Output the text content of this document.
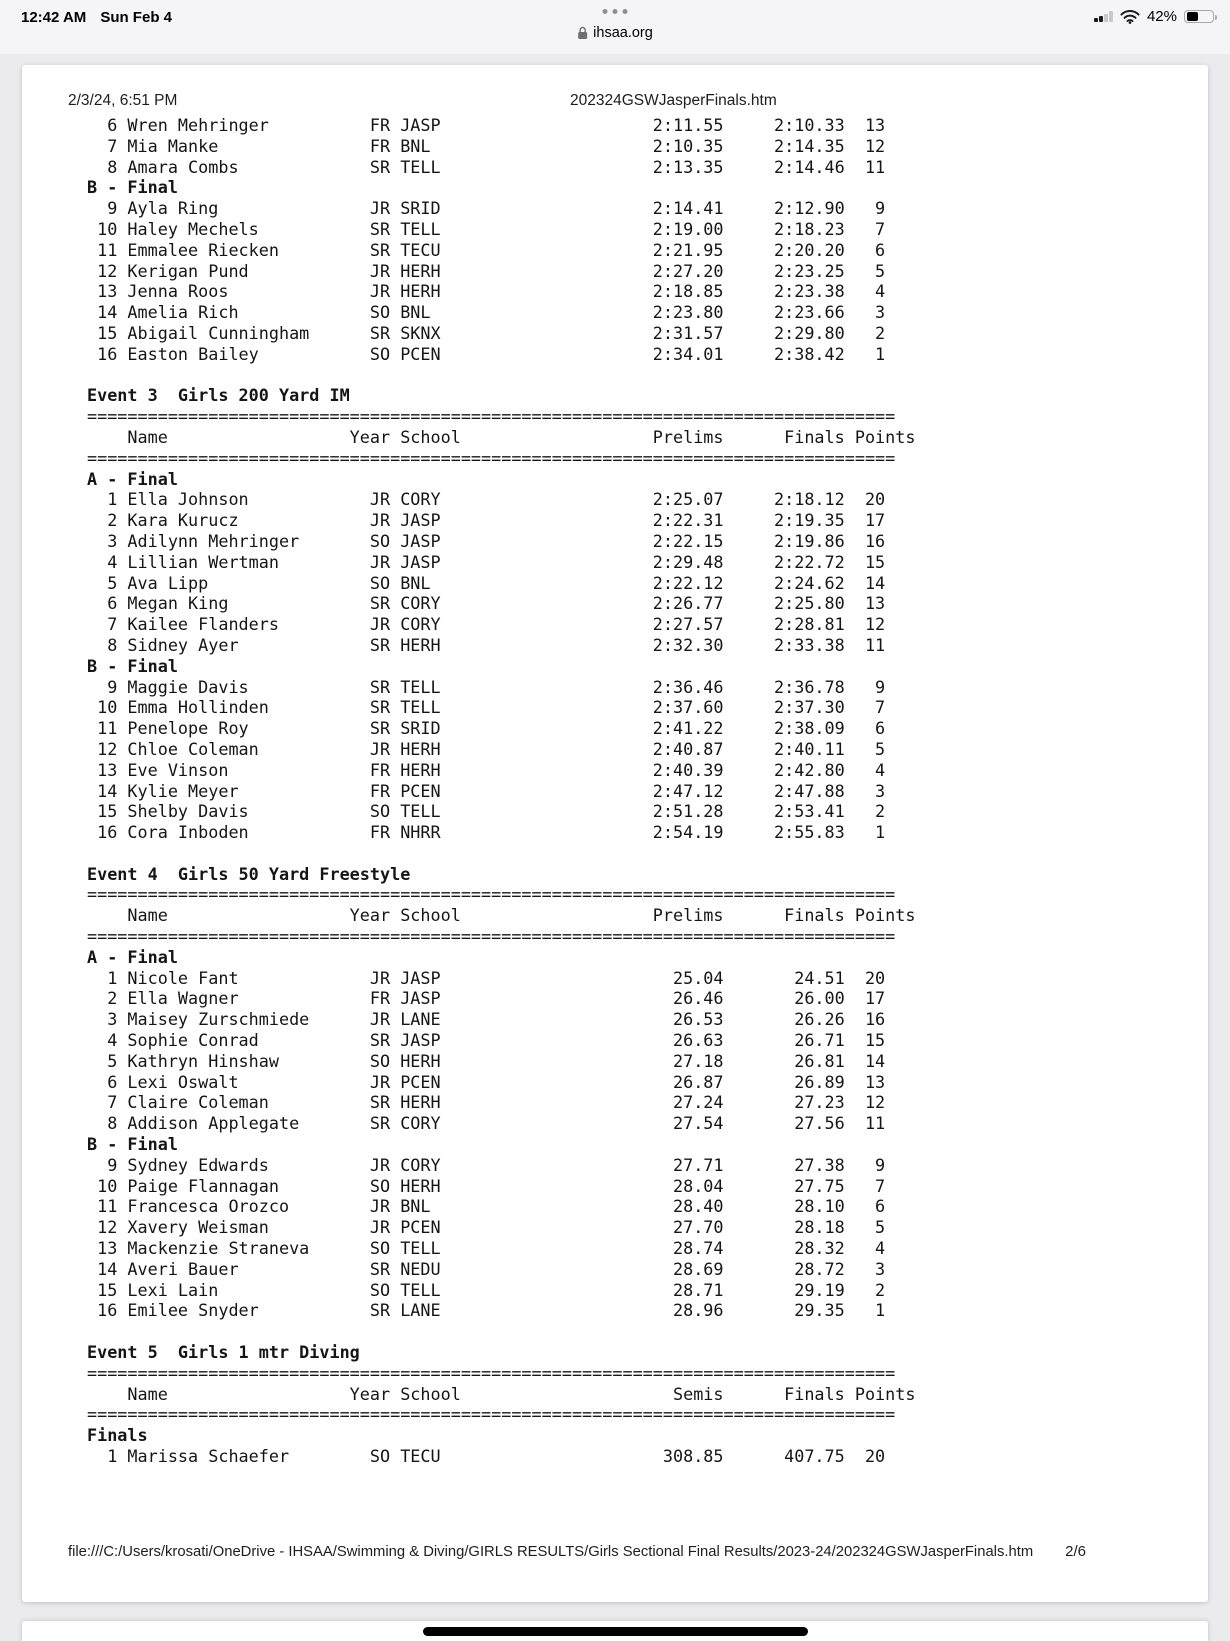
12:42 AM Sun Feb 4
ihsaa.org
42%
2/3/24, 6:51 PM	202324GSWJasperFinals.htm
6 Wren Mehringer          FR JASP                     2:11.55     2:10.33  13
7 Mia Manke               FR BNL                      2:10.35     2:14.35  12
8 Amara Combs             SR TELL                     2:13.35     2:14.46  11
B - Final
9 Ayla Ring               JR SRID                     2:14.41     2:12.90   9
10 Haley Mechels           SR TELL                     2:19.00     2:18.23   7
11 Emmalee Riecken         SR TECU                     2:21.95     2:20.20   6
12 Kerigan Pund            JR HERH                     2:27.20     2:23.25   5
13 Jenna Roos              JR HERH                     2:18.85     2:23.38   4
14 Amelia Rich             SO BNL                      2:23.80     2:23.66   3
15 Abigail Cunningham      SR SKNX                     2:31.57     2:29.80   2
16 Easton Bailey           SO PCEN                     2:34.01     2:38.42   1

Event 3  Girls 200 Yard IM
================================================================================
Name                  Year School                   Prelims      Finals Points
================================================================================
A - Final
1 Ella Johnson            JR CORY                     2:25.07     2:18.12  20
2 Kara Kurucz             JR JASP                     2:22.31     2:19.35  17
3 Adilynn Mehringer       SO JASP                     2:22.15     2:19.86  16
4 Lillian Wertman         JR JASP                     2:29.48     2:22.72  15
5 Ava Lipp                SO BNL                      2:22.12     2:24.62  14
6 Megan King              SR CORY                     2:26.77     2:25.80  13
7 Kailee Flanders         JR CORY                     2:27.57     2:28.81  12
8 Sidney Ayer             SR HERH                     2:32.30     2:33.38  11
B - Final
9 Maggie Davis            SR TELL                     2:36.46     2:36.78   9
10 Emma Hollinden          SR TELL                     2:37.60     2:37.30   7
11 Penelope Roy            SR SRID                     2:41.22     2:38.09   6
12 Chloe Coleman           JR HERH                     2:40.87     2:40.11   5
13 Eve Vinson              FR HERH                     2:40.39     2:42.80   4
14 Kylie Meyer             FR PCEN                     2:47.12     2:47.88   3
15 Shelby Davis            SO TELL                     2:51.28     2:53.41   2
16 Cora Inboden            FR NHRR                     2:54.19     2:55.83   1

Event 4  Girls 50 Yard Freestyle
================================================================================
Name                  Year School                   Prelims      Finals Points
================================================================================
A - Final
1 Nicole Fant             JR JASP                       25.04       24.51  20
2 Ella Wagner             FR JASP                       26.46       26.00  17
3 Maisey Zurschmiede      JR LANE                       26.53       26.26  16
4 Sophie Conrad           SR JASP                       26.63       26.71  15
5 Kathryn Hinshaw         SO HERH                       27.18       26.81  14
6 Lexi Oswalt             JR PCEN                       26.87       26.89  13
7 Claire Coleman          SR HERH                       27.24       27.23  12
8 Addison Applegate       SR CORY                       27.54       27.56  11
B - Final
9 Sydney Edwards          JR CORY                       27.71       27.38   9
10 Paige Flannagan         SO HERH                       28.04       27.75   7
11 Francesca Orozco        JR BNL                        28.40       28.10   6
12 Xavery Weisman          JR PCEN                       27.70       28.18   5
13 Mackenzie Straneva      SO TELL                       28.74       28.32   4
14 Averi Bauer             SR NEDU                       28.69       28.72   3
15 Lexi Lain               SO TELL                       28.71       29.19   2
16 Emilee Snyder           SR LANE                       28.96       29.35   1

Event 5  Girls 1 mtr Diving
================================================================================
Name                  Year School                     Semis      Finals Points
================================================================================
Finals
1 Marissa Schaefer        SO TECU                      308.85      407.75  20

file:///C:/Users/krosati/OneDrive - IHSAA/Swimming & Diving/GIRLS RESULTS/Girls Sectional Final Results/2023-24/202324GSWJasperFinals.htm	2/6
